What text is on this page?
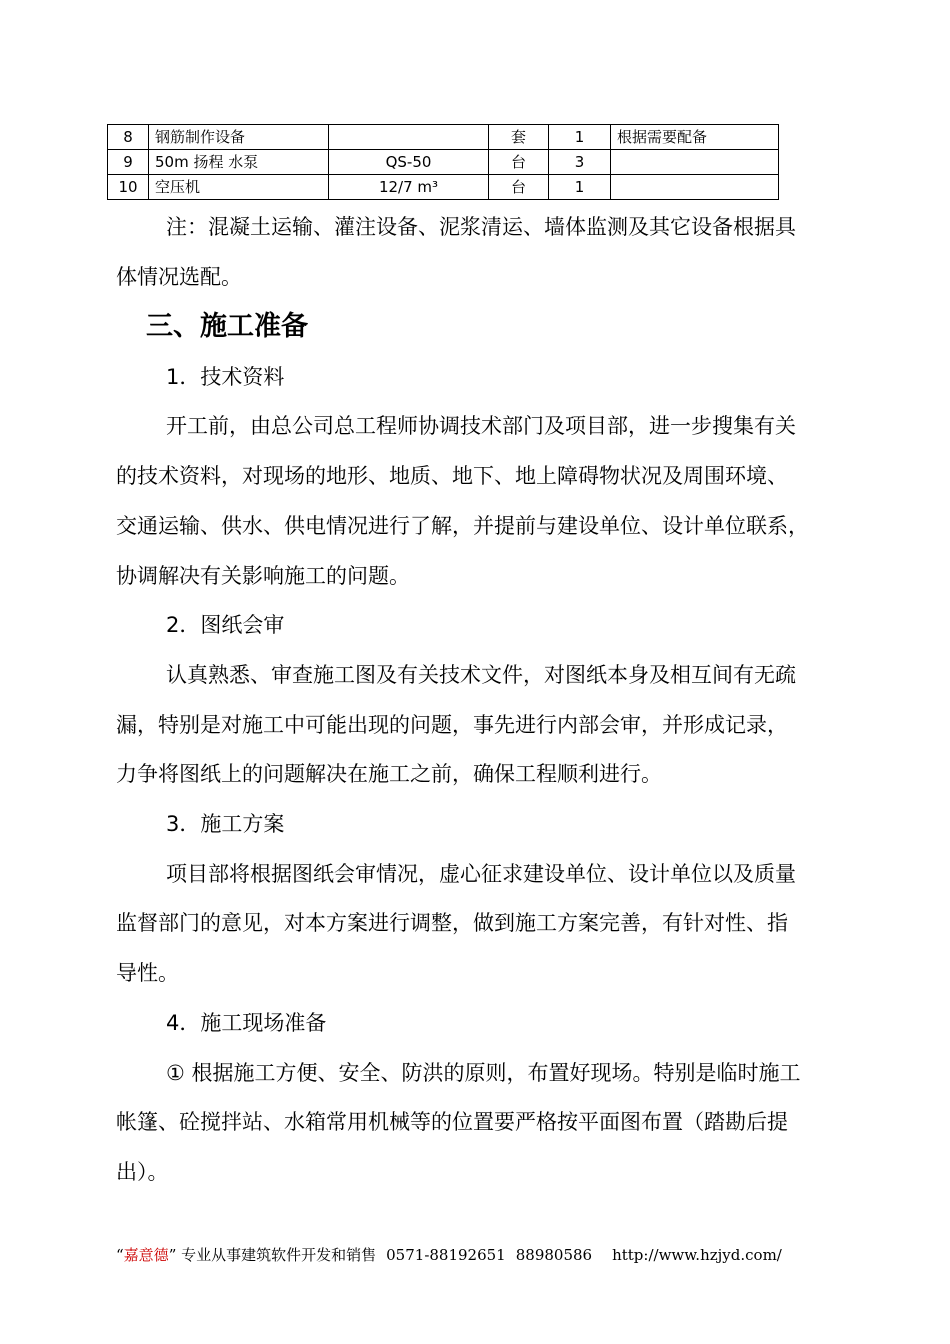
8	钢筋制作设备		套	1	根据需要配备
9	50m 扬程 水泵	QS-50	台	3	
10	空压机	12/7 m³	台	1	
注：混凝土运输、灌注设备、泥浆清运、墙体监测及其它设备根据具
体情况选配。
三、施工准备
1．技术资料
开工前，由总公司总工程师协调技术部门及项目部，进一步搜集有关
的技术资料，对现场的地形、地质、地下、地上障碍物状况及周围环境、
交通运输、供水、供电情况进行了解，并提前与建设单位、设计单位联系，
协调解决有关影响施工的问题。
2．图纸会审
认真熟悉、审查施工图及有关技术文件，对图纸本身及相互间有无疏
漏，特别是对施工中可能出现的问题，事先进行内部会审，并形成记录，
力争将图纸上的问题解决在施工之前，确保工程顺利进行。
3．施工方案
项目部将根据图纸会审情况，虚心征求建设单位、设计单位以及质量
监督部门的意见，对本方案进行调整，做到施工方案完善，有针对性、指
导性。
4．施工现场准备
① 根据施工方便、安全、防洪的原则，布置好现场。特别是临时施工
帐篷、砼搅拌站、水箱常用机械等的位置要严格按平面图布置（踏勘后提
出）。
“嘉意德” 专业从事建筑软件开发和销售 0571-88192651 88980586 http://www.hzjyd.com/
